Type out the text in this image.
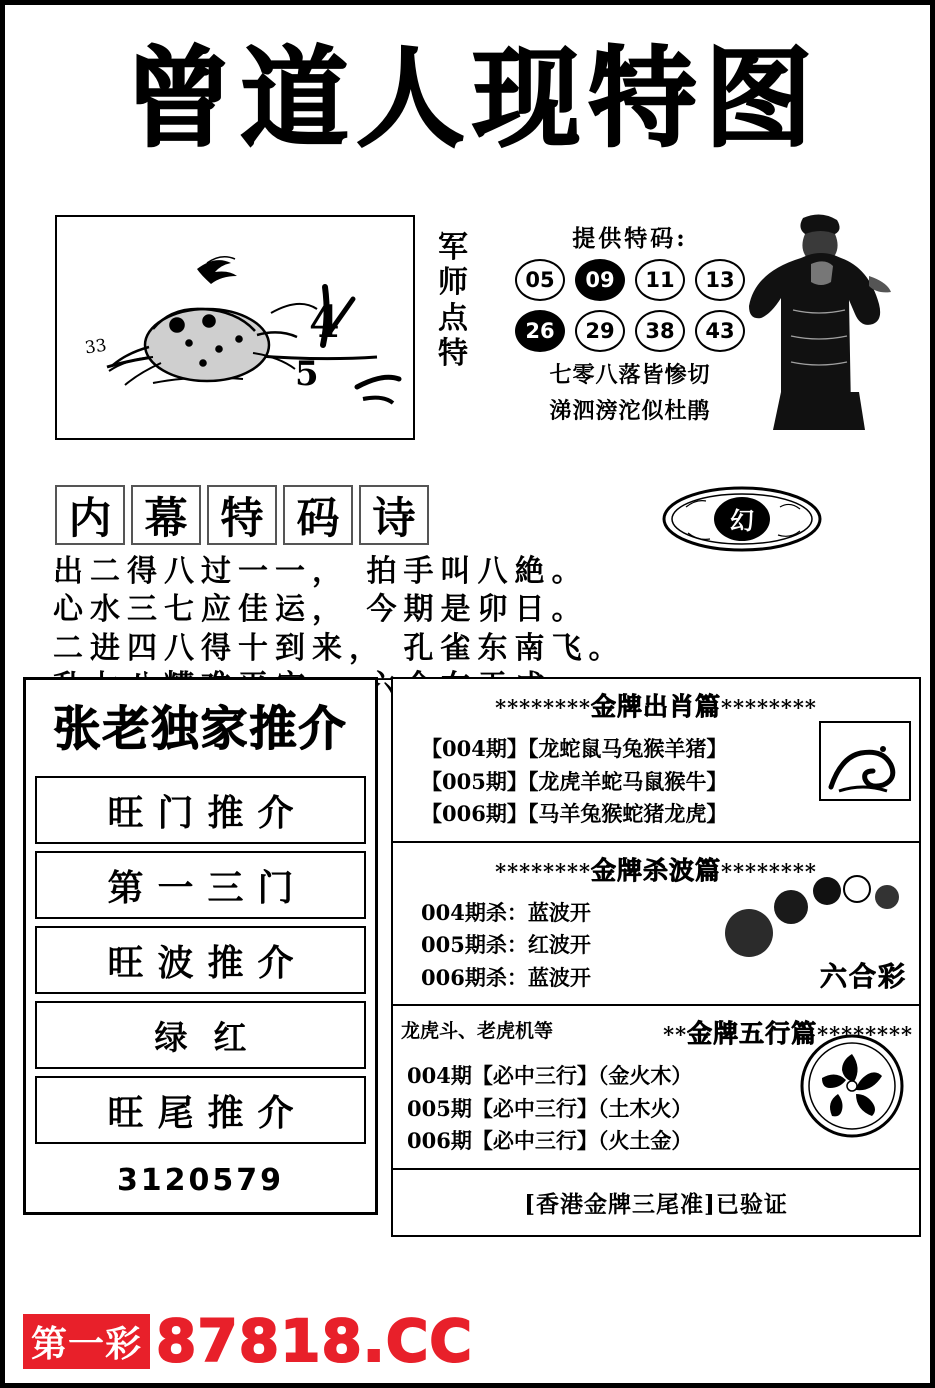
曾道人现特图
4
5
33
军
师
点
特
提供特码:
05	09	11	13
26	29	38	43
七零八落皆惨切
涕泗滂沱似杜鹃
内 幕 特 码 诗	幻
出二得八过一一， 拍手叫八絶。
心水三七应佳运， 今期是卯日。
二进四八得十到来， 孔雀东南飞。
张老独家推介
旺门推介
第一三门
旺波推介
绿红
旺尾推介
3120579
********金牌出肖篇********
【004期】【龙蛇鼠马兔猴羊猪】
【005期】【龙虎羊蛇马鼠猴牛】
【006期】【马羊兔猴蛇猪龙虎】
********金牌杀波篇********
004期杀：蓝波开
005期杀：红波开
006期杀：蓝波开	六合彩
龙虎斗、老虎机等	**金牌五行篇********
004期【必中三行】（金火木）
005期【必中三行】（土木火）
006期【必中三行】（火土金）
[香港金牌三尾准]已验证
第一彩 87818.CC
